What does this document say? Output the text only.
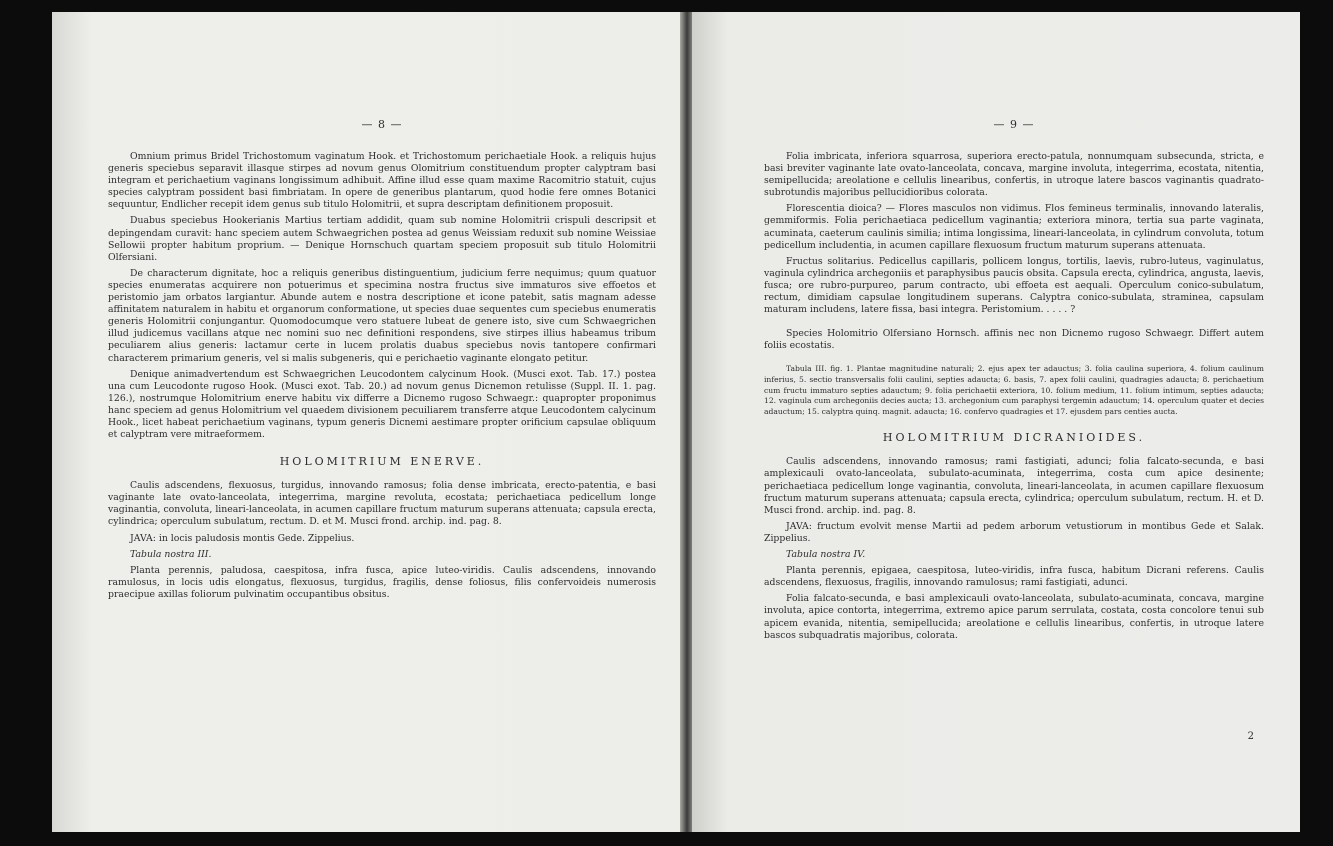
— 8 —

Omnium primus Bridel Trichostomum vaginatum Hook. et Trichostomum perichaetiale Hook. a reliquis hujus generis speciebus separavit illasque stirpes ad novum genus Olomitrium constituendum propter calyptram basi integram et perichaetium vaginans longissimum adhibuit. Affine illud esse quam maxime Racomitrio statuit, cujus species calyptram possident basi fimbriatam. In opere de generibus plantarum, quod hodie fere omnes Botanici sequuntur, Endlicher recepit idem genus sub titulo Holomitrii, et supra descriptam definitionem proposuit.

Duabus speciebus Hookerianis Martius tertiam addidit, quam sub nomine Holomitrii crispuli descripsit et depingendam curavit: hanc speciem autem Schwaegrichen postea ad genus Weissiam reduxit sub nomine Weissiae Sellowii propter habitum proprium. — Denique Hornschuch quartam speciem proposuit sub titulo Holomitrii Olfersiani.

De characterum dignitate, hoc a reliquis generibus distinguentium, judicium ferre nequimus; quum quatuor species enumeratas acquirere non potuerimus et specimina nostra fructus sive immaturos sive effoetos et peristomio jam orbatos largiantur. Abunde autem e nostra descriptione et icone patebit, satis magnam adesse affinitatem naturalem in habitu et organorum conformatione, ut species duae sequentes cum speciebus enumeratis generis Holomitrii conjungantur. Quomodocumque vero statuere lubeat de genere isto, sive cum Schwaegrichen illud judicemus vacillans atque nec nomini suo nec definitioni respondens, sive stirpes illius habeamus tribum peculiarem alius generis: lactamur certe in lucem prolatis duabus speciebus novis tantopere confirmari characterem primarium generis, vel si malis subgeneris, qui e perichaetio vaginante elongato petitur.

Denique animadvertendum est Schwaegrichen Leucodontem calycinum Hook. (Musci exot. Tab. 17.) postea una cum Leucodonte rugoso Hook. (Musci exot. Tab. 20.) ad novum genus Dicnemon retulisse (Suppl. II. 1. pag. 126.), nostrumque Holomitrium enerve habitu vix differre a Dicnemo rugoso Schwaegr.: quapropter proponimus hanc speciem ad genus Holomitrium vel quaedem divisionem pecuiliarem transferre atque Leucodontem calycinum Hook., licet habeat perichaetium vaginans, typum generis Dicnemi aestimare propter orificium capsulae obliquum et calyptram vere mitraeformem.

HOLOMITRIUM ENERVE.

Caulis adscendens, flexuosus, turgidus, innovando ramosus; folia dense imbricata, erecto-patentia, e basi vaginante late ovato-lanceolata, integerrima, margine revoluta, ecostata; perichaetiaca pedicellum longe vaginantia, convoluta, lineari-lanceolata, in acumen capillare fructum maturum superans attenuata; capsula erecta, cylindrica; operculum subulatum, rectum. D. et M. Musci frond. archip. ind. pag. 8.

JAVA: in locis paludosis montis Gede. Zippelius.

Tabula nostra III.

Planta perennis, paludosa, caespitosa, infra fusca, apice luteo-viridis. Caulis adscendens, innovando ramulosus, in locis udis elongatus, flexuosus, turgidus, fragilis, dense foliosus, filis confervoideis numerosis praecipue axillas foliorum pulvinatim occupantibus obsitus.

— 9 —

Folia imbricata, inferiora squarrosa, superiora erecto-patula, nonnumquam subsecunda, stricta, e basi breviter vaginante late ovato-lanceolata, concava, margine involuta, integerrima, ecostata, nitentia, semipellucida; areolatione e cellulis linearibus, confertis, in utroque latere bascos vaginantis quadrato-subrotundis majoribus pellucidioribus colorata.

Florescentia dioica? — Flores masculos non vidimus. Flos femineus terminalis, innovando lateralis, gemmiformis. Folia perichaetiaca pedicellum vaginantia; exteriora minora, tertia sua parte vaginata, acuminata, caeterum caulinis similia; intima longissima, lineari-lanceolata, in cylindrum convoluta, totum pedicellum includentia, in acumen capillare flexuosum fructum maturum superans attenuata.

Fructus solitarius. Pedicellus capillaris, pollicem longus, tortilis, laevis, rubro-luteus, vaginulatus, vaginula cylindrica archegoniis et paraphysibus paucis obsita. Capsula erecta, cylindrica, angusta, laevis, fusca; ore rubro-purpureo, parum contracto, ubi effoeta est aequali. Operculum conico-subulatum, rectum, dimidiam capsulae longitudinem superans. Calyptra conico-subulata, straminea, capsulam maturam includens, latere fissa, basi integra. Peristomium. . . . . ?

Species Holomitrio Olfersiano Hornsch. affinis nec non Dicnemo rugoso Schwaegr. Differt autem foliis ecostatis.

Tabula III. fig. 1. Plantae magnitudine naturali; 2. ejus apex ter adauctus; 3. folia caulina superiora, 4. folium caulinum inferius, 5. sectio transversalis folii caulini, septies adaucta; 6. basis, 7. apex folii caulini, quadragies adaucta; 8. perichaetium cum fructu immaturo septies adauctum; 9. folia perichaetii exteriora, 10. folium medium, 11. folium intimum, septies adaucta; 12. vaginula cum archegoniis decies aucta; 13. archegonium cum paraphysi tergemin adauctum; 14. operculum quater et decies adauctum; 15. calyptra quinq. magnit. adaucta; 16. confervo quadragies et 17. ejusdem pars centies aucta.

HOLOMITRIUM DICRANIOIDES.

Caulis adscendens, innovando ramosus; rami fastigiati, adunci; folia falcato-secunda, e basi amplexicauli ovato-lanceolata, subulato-acuminata, integerrima, costa cum apice desinente; perichaetiaca pedicellum longe vaginantia, convoluta, lineari-lanceolata, in acumen capillare flexuosum fructum maturum superans attenuata; capsula erecta, cylindrica; operculum subulatum, rectum. H. et D. Musci frond. archip. ind. pag. 8.

JAVA: fructum evolvit mense Martii ad pedem arborum vetustiorum in montibus Gede et Salak. Zippelius.

Tabula nostra IV.

Planta perennis, epigaea, caespitosa, luteo-viridis, infra fusca, habitum Dicrani referens. Caulis adscendens, flexuosus, fragilis, innovando ramulosus; rami fastigiati, adunci.

Folia falcato-secunda, e basi amplexicauli ovato-lanceolata, subulato-acuminata, concava, margine involuta, apice contorta, integerrima, extremo apice parum serrulata, costata, costa concolore tenui sub apicem evanida, nitentia, semipellucida; areolatione e cellulis linearibus, confertis, in utroque latere bascos subquadratis majoribus, colorata.

2
